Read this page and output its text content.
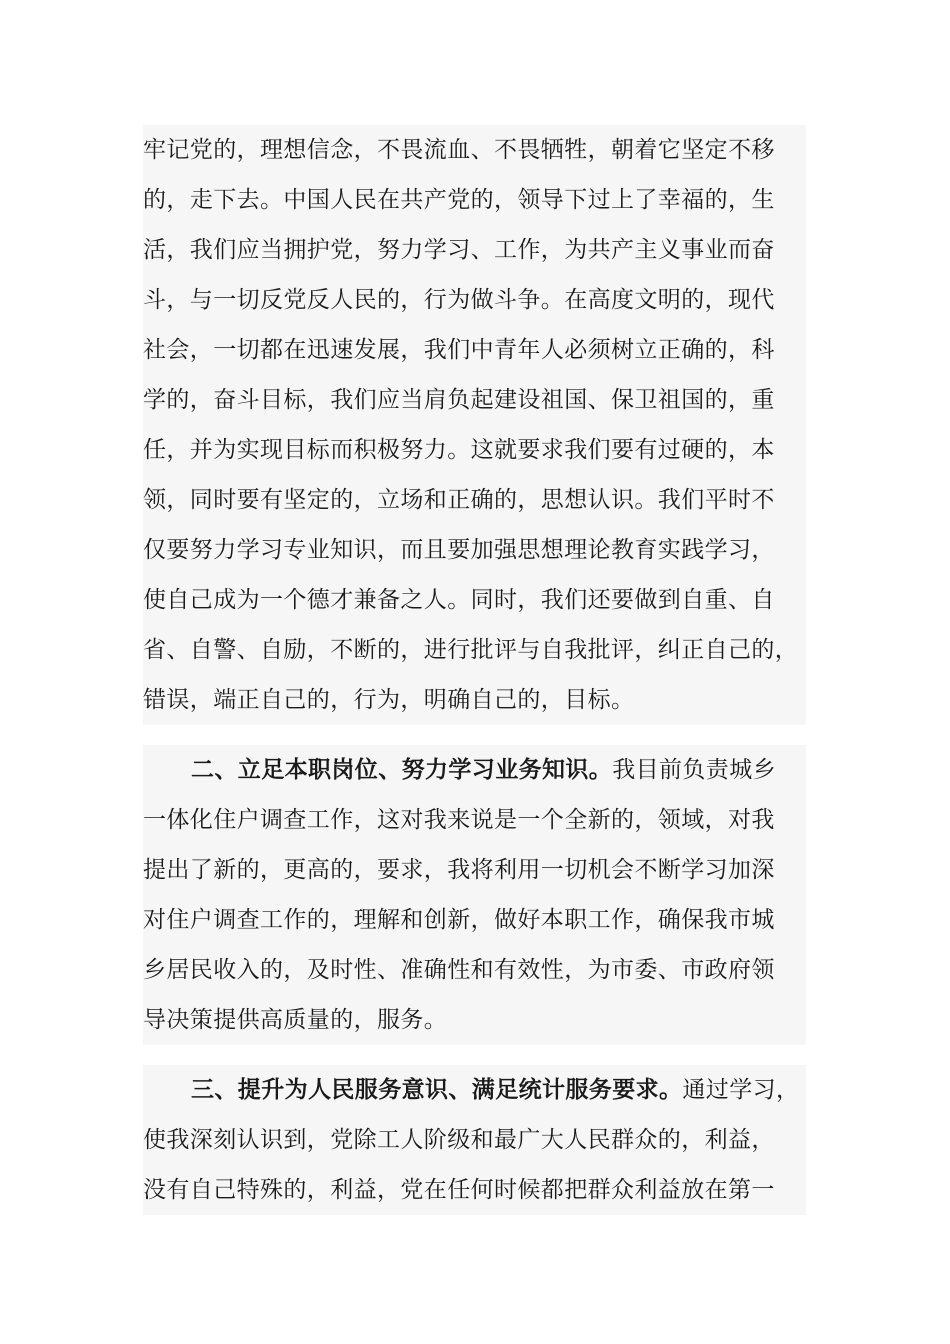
牢记党的，理想信念，不畏流血、不畏牺牲，朝着它坚定不移
的，走下去。中国人民在共产党的，领导下过上了幸福的，生
活，我们应当拥护党，努力学习、工作，为共产主义事业而奋
斗，与一切反党反人民的，行为做斗争。在高度文明的，现代
社会，一切都在迅速发展，我们中青年人必须树立正确的，科
学的，奋斗目标，我们应当肩负起建设祖国、保卫祖国的，重
任，并为实现目标而积极努力。这就要求我们要有过硬的，本
领，同时要有坚定的，立场和正确的，思想认识。我们平时不
仅要努力学习专业知识，而且要加强思想理论教育实践学习，
使自己成为一个德才兼备之人。同时，我们还要做到自重、自
省、自警、自励，不断的，进行批评与自我批评，纠正自己的，
错误，端正自己的，行为，明确自己的，目标。
二、立足本职岗位、努力学习业务知识。我目前负责城乡
一体化住户调查工作，这对我来说是一个全新的，领域，对我
提出了新的，更高的，要求，我将利用一切机会不断学习加深
对住户调查工作的，理解和创新，做好本职工作，确保我市城
乡居民收入的，及时性、准确性和有效性，为市委、市政府领
导决策提供高质量的，服务。
三、提升为人民服务意识、满足统计服务要求。通过学习，
使我深刻认识到，党除工人阶级和最广大人民群众的，利益，
没有自己特殊的，利益，党在任何时候都把群众利益放在第一
